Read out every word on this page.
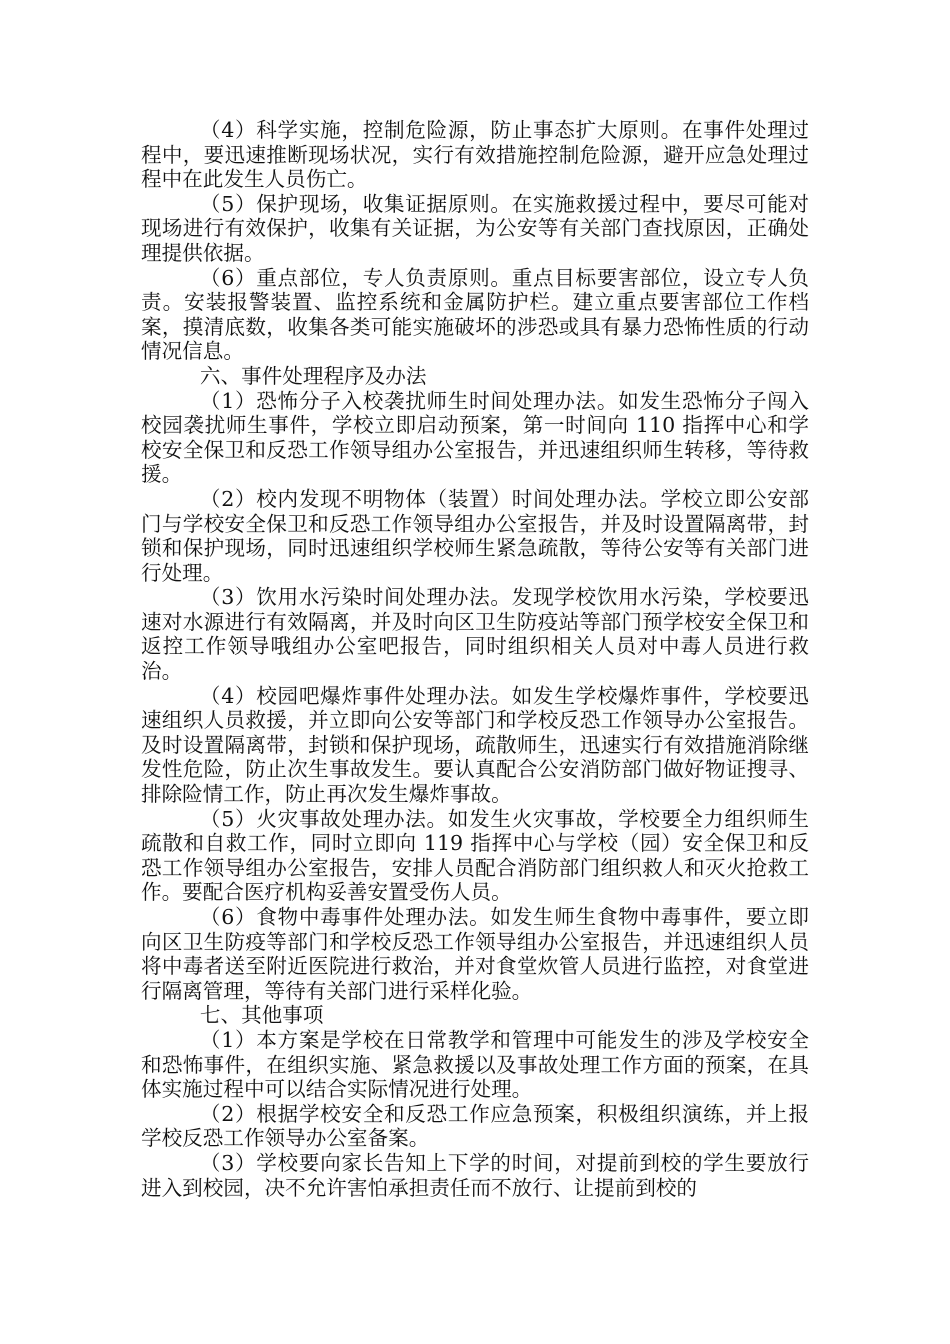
（4）科学实施，控制危险源，防止事态扩大原则。在事件处理过程中，要迅速推断现场状况，实行有效措施控制危险源，避开应急处理过程中在此发生人员伤亡。

（5）保护现场，收集证据原则。在实施救援过程中，要尽可能对现场进行有效保护，收集有关证据，为公安等有关部门查找原因，正确处理提供依据。

（6）重点部位，专人负责原则。重点目标要害部位，设立专人负责。安装报警装置、监控系统和金属防护栏。建立重点要害部位工作档案，摸清底数，收集各类可能实施破坏的涉恐或具有暴力恐怖性质的行动情况信息。

六、事件处理程序及办法

（1）恐怖分子入校袭扰师生时间处理办法。如发生恐怖分子闯入校园袭扰师生事件，学校立即启动预案，第一时间向 110 指挥中心和学校安全保卫和反恐工作领导组办公室报告，并迅速组织师生转移，等待救援。

（2）校内发现不明物体（装置）时间处理办法。学校立即公安部门与学校安全保卫和反恐工作领导组办公室报告，并及时设置隔离带，封锁和保护现场，同时迅速组织学校师生紧急疏散，等待公安等有关部门进行处理。

（3）饮用水污染时间处理办法。发现学校饮用水污染，学校要迅速对水源进行有效隔离，并及时向区卫生防疫站等部门预学校安全保卫和返控工作领导哦组办公室吧报告，同时组织相关人员对中毒人员进行救治。

（4）校园吧爆炸事件处理办法。如发生学校爆炸事件，学校要迅速组织人员救援，并立即向公安等部门和学校反恐工作领导办公室报告。及时设置隔离带，封锁和保护现场，疏散师生，迅速实行有效措施消除继发性危险，防止次生事故发生。要认真配合公安消防部门做好物证搜寻、排除险情工作，防止再次发生爆炸事故。

（5）火灾事故处理办法。如发生火灾事故，学校要全力组织师生疏散和自救工作，同时立即向 119 指挥中心与学校（园）安全保卫和反恐工作领导组办公室报告，安排人员配合消防部门组织救人和灭火抢救工作。要配合医疗机构妥善安置受伤人员。

（6）食物中毒事件处理办法。如发生师生食物中毒事件，要立即向区卫生防疫等部门和学校反恐工作领导组办公室报告，并迅速组织人员将中毒者送至附近医院进行救治，并对食堂炊管人员进行监控，对食堂进行隔离管理，等待有关部门进行采样化验。

七、其他事项

（1）本方案是学校在日常教学和管理中可能发生的涉及学校安全和恐怖事件，在组织实施、紧急救援以及事故处理工作方面的预案，在具体实施过程中可以结合实际情况进行处理。

（2）根据学校安全和反恐工作应急预案，积极组织演练，并上报学校反恐工作领导办公室备案。

（3）学校要向家长告知上下学的时间，对提前到校的学生要放行进入到校园，决不允许害怕承担责任而不放行、让提前到校的
